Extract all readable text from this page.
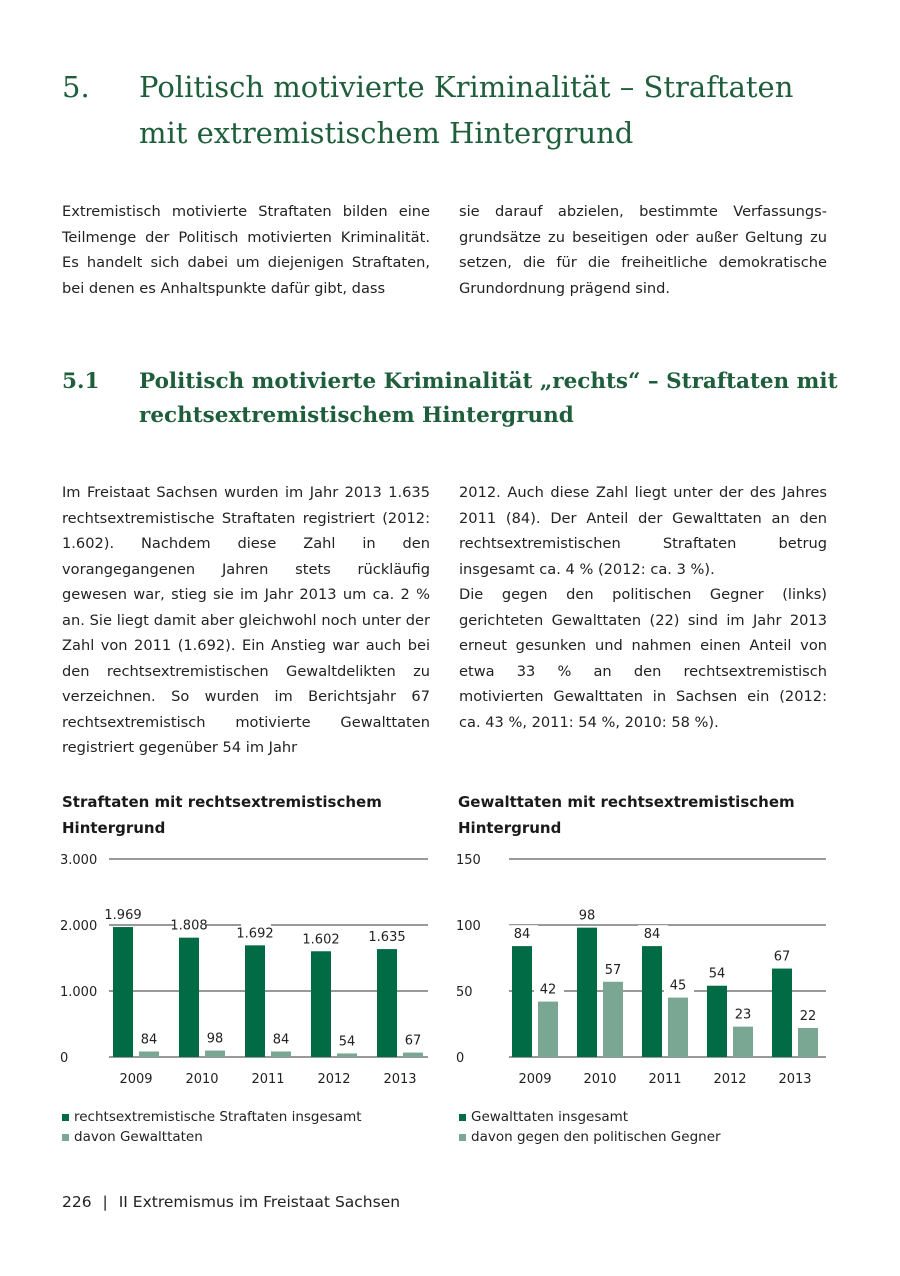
5. Politisch motivierte Kriminalität – Straftaten mit extremistischem Hintergrund

Extremistisch motivierte Straftaten bilden eine Teilmenge der Politisch motivierten Kriminalität. Es handelt sich dabei um diejenigen Straftaten, bei denen es Anhaltspunkte dafür gibt, dass

sie darauf abzielen, bestimmte Verfassungsgrundsätze zu beseitigen oder außer Geltung zu setzen, die für die freiheitliche demokratische Grundordnung prägend sind.

5.1 Politisch motivierte Kriminalität „rechts“ – Straftaten mit rechtsextremistischem Hintergrund

Im Freistaat Sachsen wurden im Jahr 2013 1.635 rechtsextremistische Straftaten registriert (2012: 1.602). Nachdem diese Zahl in den vorangegangenen Jahren stets rückläufig gewesen war, stieg sie im Jahr 2013 um ca. 2 % an. Sie liegt damit aber gleichwohl noch unter der Zahl von 2011 (1.692). Ein Anstieg war auch bei den rechtsextremistischen Gewaltdelikten zu verzeichnen. So wurden im Berichtsjahr 67 rechtsextremistisch motivierte Gewalttaten registriert gegenüber 54 im Jahr

2012. Auch diese Zahl liegt unter der des Jahres 2011 (84). Der Anteil der Gewalttaten an den rechtsextremistischen Straftaten betrug insgesamt ca. 4 % (2012: ca. 3 %).

Die gegen den politischen Gegner (links) gerichteten Gewalttaten (22) sind im Jahr 2013 erneut gesunken und nahmen einen Anteil von etwa 33 % an den rechtsextremistisch motivierten Gewalttaten in Sachsen ein (2012: ca. 43 %, 2011: 54 %, 2010: 58 %).

Straftaten mit rechtsextremistischem Hintergrund
0
1.000
2.000
3.000
1.969
84
2009
1.808
98
2010
1.692
84
2011
1.602
54
2012
1.635
67
2013
rechtsextremistische Straftaten insgesamt
davon Gewalttaten
Gewalttaten mit rechtsextremistischem Hintergrund
0
50
100
150
84
42
2009
98
57
2010
84
45
2011
54
23
2012
67
22
2013
Gewalttaten insgesamt
davon gegen den politischen Gegner
226 | II Extremismus im Freistaat Sachsen
